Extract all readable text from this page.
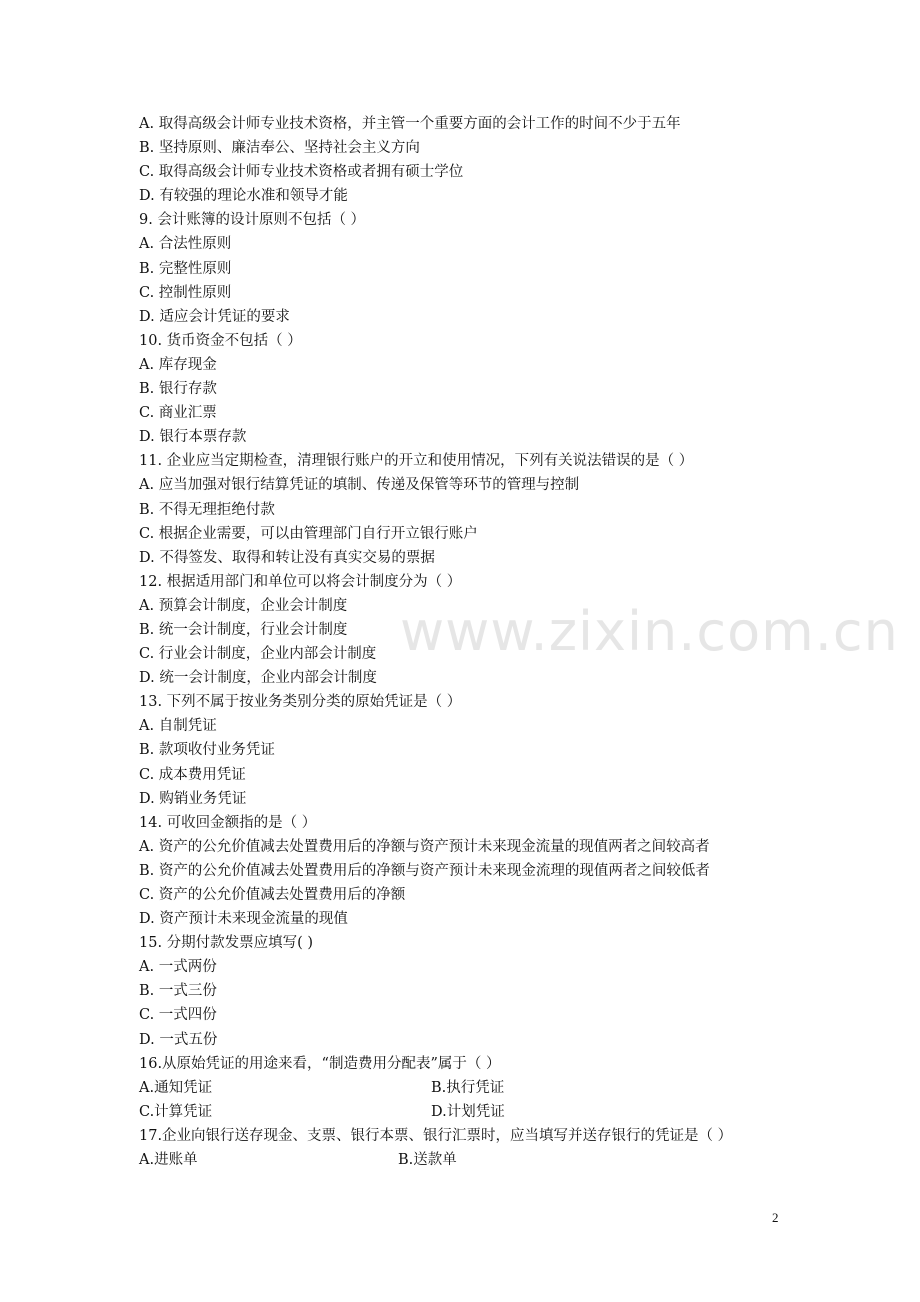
www.zixin.com.cn
A. 取得高级会计师专业技术资格，并主管一个重要方面的会计工作的时间不少于五年
B. 坚持原则、廉洁奉公、坚持社会主义方向
C. 取得高级会计师专业技术资格或者拥有硕士学位
D. 有较强的理论水准和领导才能
9. 会计账簿的设计原则不包括（ ）
A. 合法性原则
B. 完整性原则
C. 控制性原则
D. 适应会计凭证的要求
10. 货币资金不包括（ ）
A. 库存现金
B. 银行存款
C. 商业汇票
D. 银行本票存款
11. 企业应当定期检查，清理银行账户的开立和使用情况，下列有关说法错误的是（ ）
A. 应当加强对银行结算凭证的填制、传递及保管等环节的管理与控制
B. 不得无理拒绝付款
C. 根据企业需要，可以由管理部门自行开立银行账户
D. 不得签发、取得和转让没有真实交易的票据
12. 根据适用部门和单位可以将会计制度分为（ ）
A. 预算会计制度，企业会计制度
B. 统一会计制度，行业会计制度
C. 行业会计制度，企业内部会计制度
D. 统一会计制度，企业内部会计制度
13. 下列不属于按业务类别分类的原始凭证是（ ）
A. 自制凭证
B. 款项收付业务凭证
C. 成本费用凭证
D. 购销业务凭证
14. 可收回金额指的是（ ）
A. 资产的公允价值减去处置费用后的净额与资产预计未来现金流量的现值两者之间较高者
B. 资产的公允价值减去处置费用后的净额与资产预计未来现金流理的现值两者之间较低者
C. 资产的公允价值减去处置费用后的净额
D. 资产预计未来现金流量的现值
15. 分期付款发票应填写( )
A. 一式两份
B. 一式三份
C. 一式四份
D. 一式五份
16.从原始凭证的用途来看，“制造费用分配表”属于（ ）
A.通知凭证	B.执行凭证
C.计算凭证	D.计划凭证
17.企业向银行送存现金、支票、银行本票、银行汇票时，应当填写并送存银行的凭证是（ ）
A.进账单	B.送款单
2
